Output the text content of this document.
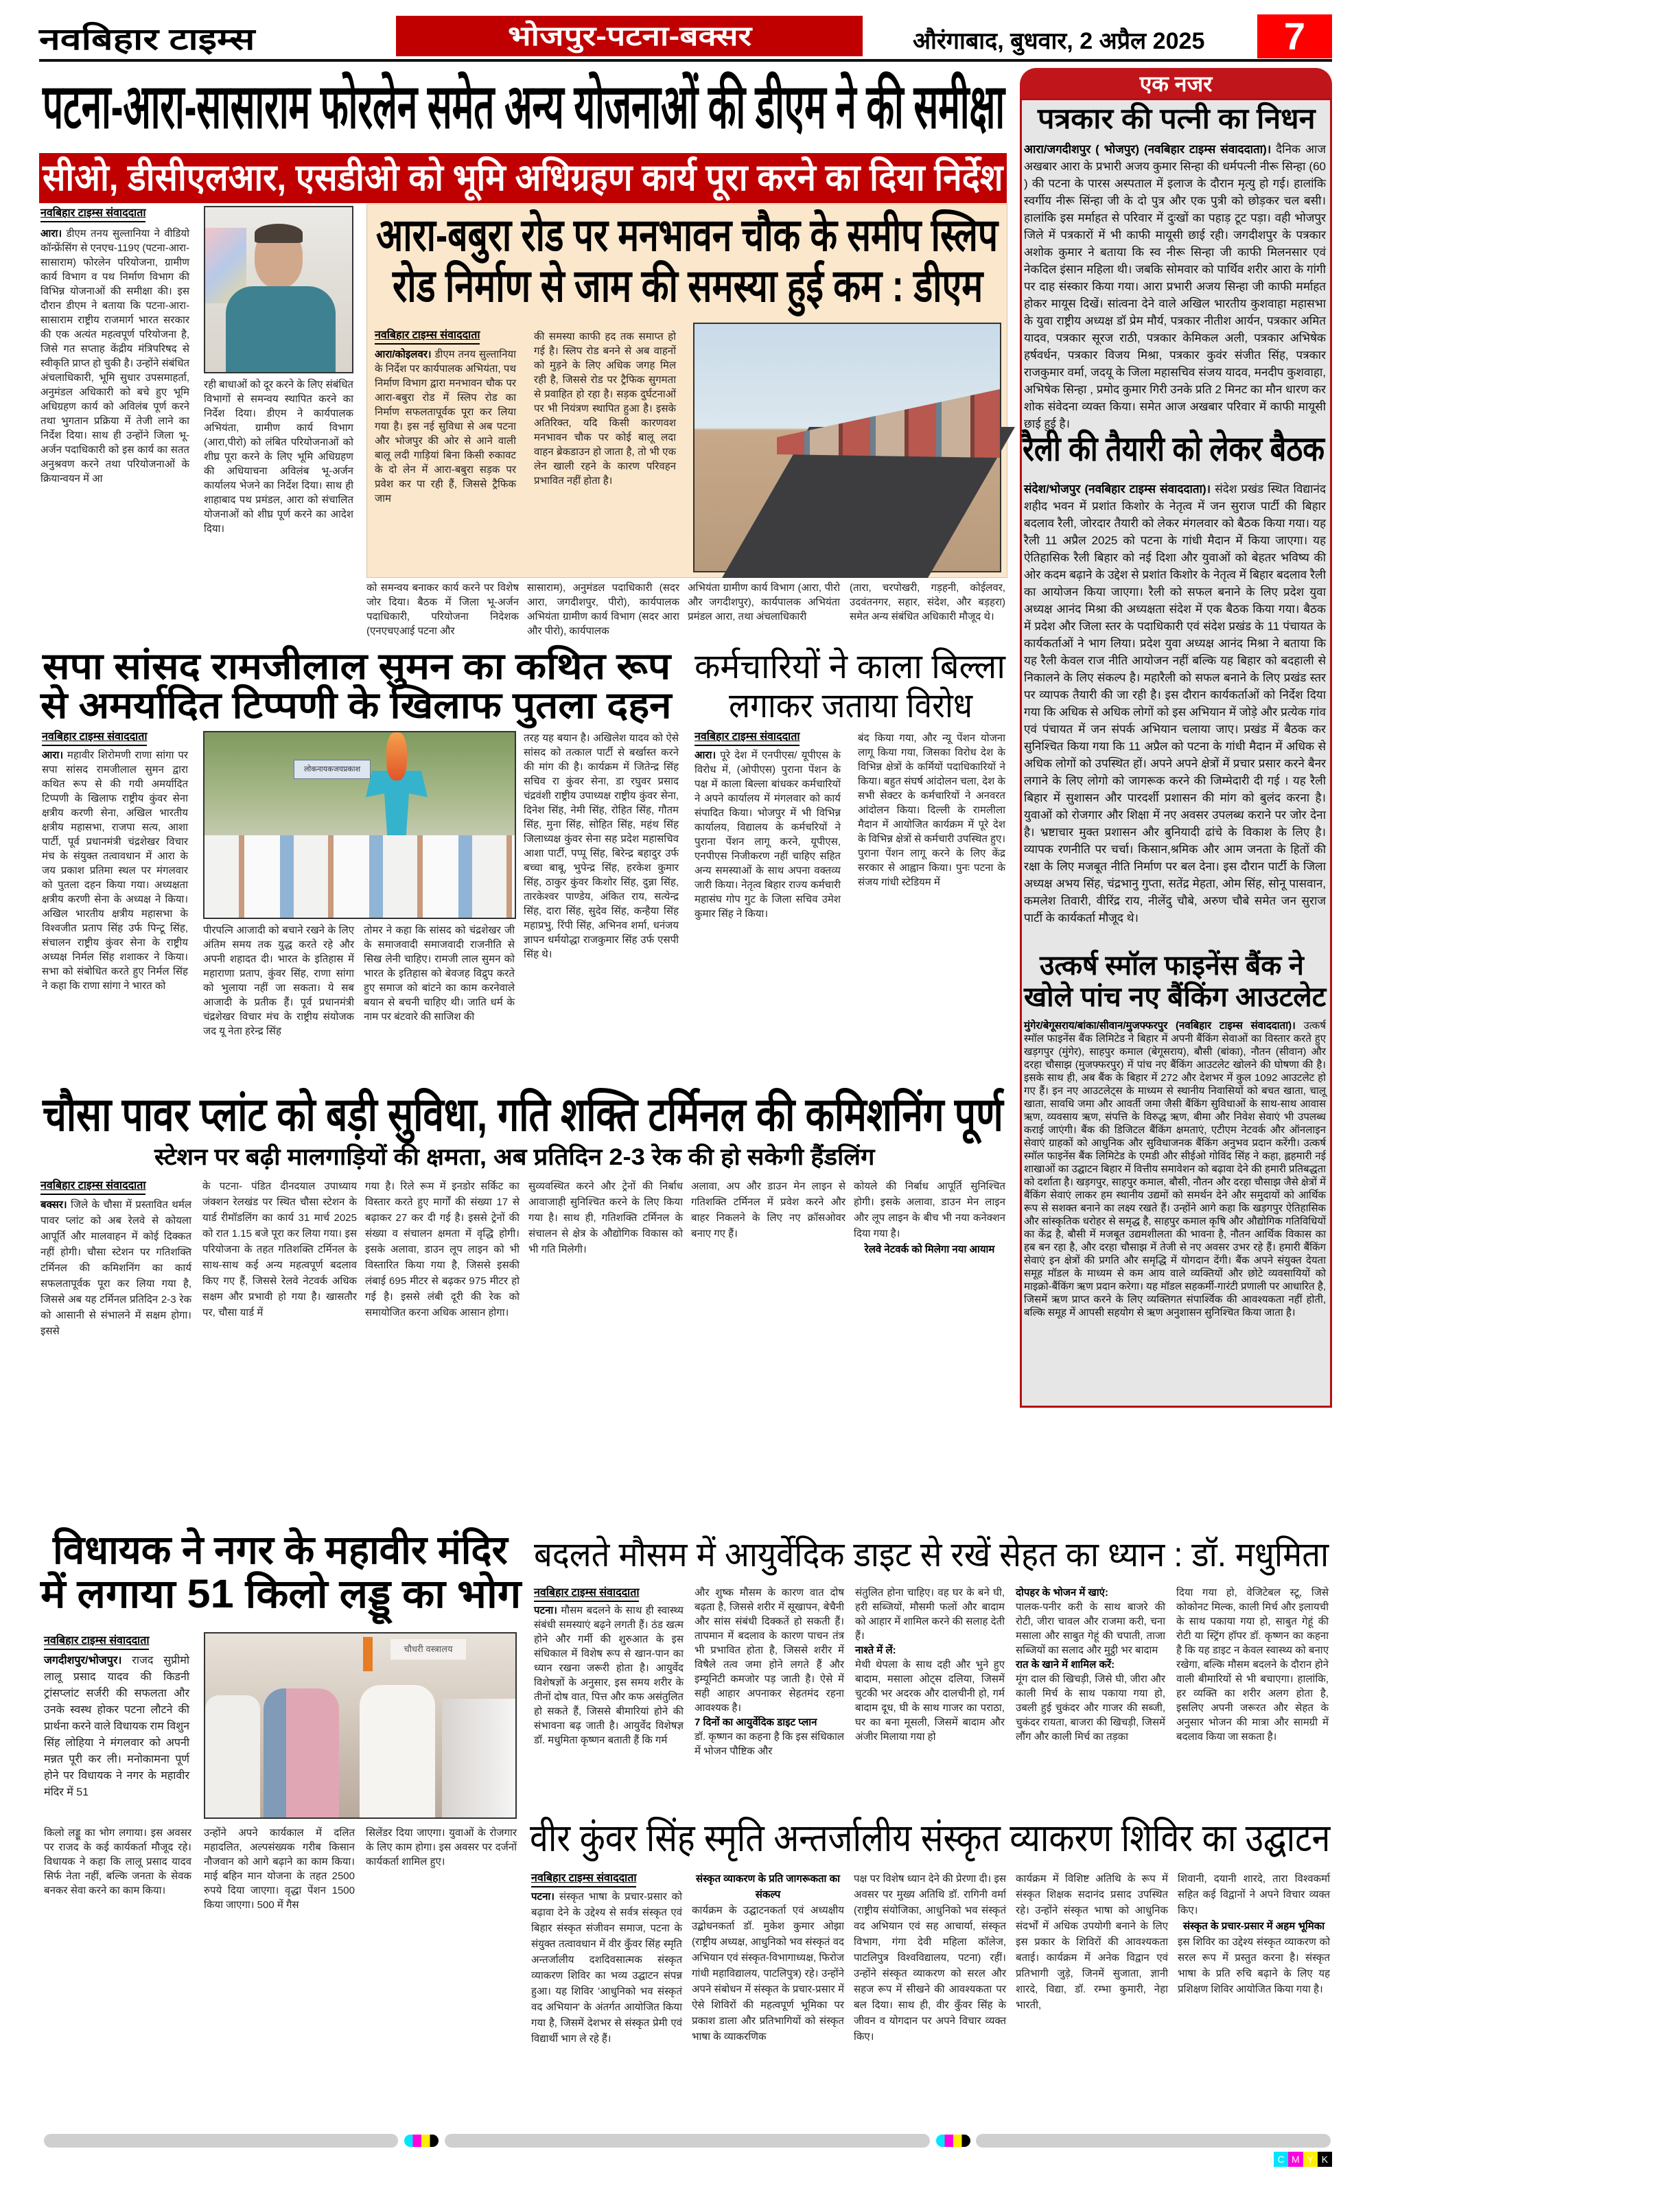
नवबिहार टाइम्स	भोजपुर-पटना-बक्सर	औरंगाबाद, बुधवार, 2 अप्रैल 2025	7
पटना-आरा-सासाराम फोरलेन समेत अन्य योजनाओं की डीएम ने की समीक्षा
सीओ, डीसीएलआर, एसडीओ को भूमि अधिग्रहण कार्य पूरा करने का दिया निर्देश
नवबिहार टाइम्स संवाददाता

आरा। डीएम तनय सुल्तानिया ने वीडियो कॉन्फ्रेंसिंग से एनएच-119ए (पटना-आरा-सासाराम) फोरलेन परियोजना, ग्रामीण कार्य विभाग व पथ निर्माण विभाग की विभिन्न योजनाओं की समीक्षा की। इस दौरान डीएम ने बताया कि पटना-आरा-सासाराम राष्ट्रीय राजमार्ग भारत सरकार की एक अत्यंत महत्वपूर्ण परियोजना है, जिसे गत सप्ताह केंद्रीय मंत्रिपरिषद से स्वीकृति प्राप्त हो चुकी है। उन्होंने संबंधित अंचलाधिकारी, भूमि सुधार उपसमाहर्ता, अनुमंडल अधिकारी को बचे हुए भूमि अधिग्रहण कार्य को अविलंब पूर्ण करने तथा भुगतान प्रक्रिया में तेजी लाने का निर्देश दिया। साथ ही उन्होंने जिला भू-अर्जन पदाधिकारी को इस कार्य का सतत अनुश्रवण करने तथा परियोजनाओं के क्रियान्वयन में आ

रही बाधाओं को दूर करने के लिए संबंधित विभागों से समन्वय स्थापित करने का निर्देश दिया। डीएम ने कार्यपालक अभियंता, ग्रामीण कार्य विभाग (आरा,पीरो) को लंबित परियोजनाओं को शीघ्र पूरा करने के लिए भूमि अधिग्रहण की अधियाचना अविलंब भू-अर्जन कार्यालय भेजने का निर्देश दिया। साथ ही शाहाबाद पथ प्रमंडल, आरा को संचालित योजनाओं को शीघ्र पूर्ण करने का आदेश दिया।

आरा-बबुरा रोड पर मनभावन चौक के समीप स्लिप
रोड निर्माण से जाम की समस्या हुई कम : डीएम
नवबिहार टाइम्स संवाददाता

आरा/कोइलवर। डीएम तनय सुल्तानिया के निर्देश पर कार्यपालक अभियंता, पथ निर्माण विभाग द्वारा मनभावन चौक पर आरा-बबुरा रोड में स्लिप रोड का निर्माण सफलतापूर्वक पूरा कर लिया गया है। इस नई सुविधा से अब पटना और भोजपुर की ओर से आने वाली बालू लदी गाड़ियां बिना किसी रुकावट के दो लेन में आरा-बबुरा सड़क पर प्रवेश कर पा रही हैं, जिससे ट्रैफिक जाम

की समस्या काफी हद तक समाप्त हो गई है। स्लिप रोड बनने से अब वाहनों को मुड़ने के लिए अधिक जगह मिल रही है, जिससे रोड पर ट्रैफिक सुगमता से प्रवाहित हो रहा है। सड़क दुर्घटनाओं पर भी नियंत्रण स्थापित हुआ है। इसके अतिरिक्त, यदि किसी कारणवश मनभावन चौक पर कोई बालू लदा वाहन ब्रेकडाउन हो जाता है, तो भी एक लेन खाली रहने के कारण परिवहन प्रभावित नहीं होता है।

को समन्वय बनाकर कार्य करने पर विशेष जोर दिया। बैठक में जिला भू-अर्जन पदाधिकारी, परियोजना निदेशक (एनएचएआई पटना और

सासाराम), अनुमंडल पदाधिकारी (सदर आरा, जगदीशपुर, पीरो), कार्यपालक अभियंता ग्रामीण कार्य विभाग (सदर आरा और पीरो), कार्यपालक

अभियंता ग्रामीण कार्य विभाग (आरा, पीरो और जगदीशपुर), कार्यपालक अभियंता प्रमंडल आरा, तथा अंचलाधिकारी

(तारा, चरपोखरी, गड़हनी, कोईलवर, उदवंतनगर, सहार, संदेश, और बड़हरा) समेत अन्य संबंधित अधिकारी मौजूद थे।

सपा सांसद रामजीलाल सुमन का कथित रूप
से अमर्यादित टिप्पणी के खिलाफ पुतला दहन
नवबिहार टाइम्स संवाददाता

आरा। महावीर शिरोमणी राणा सांगा पर सपा सांसद रामजीलाल सुमन द्वारा कथित रूप से की गयी अमर्यादित टिप्पणी के खिलाफ राष्ट्रीय कुंवर सेना क्षत्रीय करणी सेना, अखिल भारतीय क्षत्रीय महासभा, राजपा सत्य, आशा पार्टी, पूर्व प्रधानमंत्री चंद्रशेखर विचार मंच के संयुक्त तत्वावधान में आरा के जय प्रकाश प्रतिमा स्थल पर मंगलवार को पुतला दहन किया गया। अध्यक्षता क्षत्रीय करणी सेना के अध्यक्ष ने किया। अखिल भारतीय क्षत्रीय महासभा के विश्वजीत प्रताप सिंह उर्फ पिन्टू सिंह, संचालन राष्ट्रीय कुंवर सेना के राष्ट्रीय अध्यक्ष निर्मल सिंह शशाकर ने किया। सभा को संबोधित करते हुए निर्मल सिंह ने कहा कि राणा सांगा ने भारत को

लोकनायकजयप्रकाश

पीरपत्नि आजादी को बचाने रखने के लिए अंतिम समय तक युद्ध करते रहे और अपनी शहादत दी। भारत के इतिहास में महाराणा प्रताप, कुंवर सिंह, राणा सांगा को भुलाया नहीं जा सकता। ये सब आजादी के प्रतीक हैं। पूर्व प्रधानमंत्री चंद्रशेखर विचार मंच के राष्ट्रीय संयोजक जद यू नेता हरेन्द्र सिंह

तोमर ने कहा कि सांसद को चंद्रशेखर जी के समाजवादी समाजवादी राजनीति से सिख लेनी चाहिए। रामजी लाल सुमन को भारत के इतिहास को बेवजह विद्रुप करते हुए समाज को बांटने का काम करनेवाले बयान से बचनी चाहिए थी। जाति धर्म के नाम पर बंटवारे की साजिश की

तरह यह बयान है। अखिलेश यादव को ऐसे सांसद को तत्काल पार्टी से बर्खास्त करने की मांग की है। कार्यक्रम में जितेन्द्र सिंह सचिव रा कुंवर सेना, डा रघुवर प्रसाद चंद्रवंशी राष्ट्रीय उपाध्यक्ष राष्ट्रीय कुंवर सेना, दिनेश सिंह, नेमी सिंह, रोहित सिंह, गौतम सिंह, मुना सिंह, सोहित सिंह, महंथ सिंह जिलाध्यक्ष कुंवर सेना सह प्रदेश महासचिव आशा पार्टी, पप्पू सिंह, बिरेन्द्र बहादुर उर्फ बच्चा बाबू, भुपेन्द्र सिंह, हरकेश कुमार सिंह, ठाकुर कुंवर किशोर सिंह, दुन्ना सिंह, तारकेश्वर पाण्डेय, अंकित राय, सत्येन्द्र सिंह, दारा सिंह, सुदेव सिंह, कन्हैया सिंह महाप्रभु, रिंपी सिंह, अभिनव शर्मा, धनंजय ज्ञापन धर्मयोद्धा राजकुमार सिंह उर्फ एसपी सिंह थे।

कर्मचारियों ने काला बिल्ला
लगाकर जताया विरोध
नवबिहार टाइम्स संवाददाता

आरा। पूरे देश में एनपीएस/ यूपीएस के विरोध में, (ओपीएस) पुराना पेंशन के पक्ष में काला बिल्ला बांधकर कर्मचारियों ने अपने कार्यालय में मंगलवार को कार्य संपादित किया। भोजपुर में भी विभिन्न कार्यालय, विद्यालय के कर्मचरियों ने पुराना पेंशन लागू करने, यूपीएस, एनपीएस निजीकरण नहीं चाहिए सहित अन्य समस्याओं के साथ अपना वक्तव्य जारी किया। नेतृत्व बिहार राज्य कर्मचारी महासंघ गोप गुट के जिला सचिव उमेश कुमार सिंह ने किया।

बंद किया गया, और न्यू पेंशन योजना लागू किया गया, जिसका विरोध देश के विभिन्न क्षेत्रों के कर्मियों पदाधिकारियों ने किया। बहुत संघर्ष आंदोलन चला, देश के सभी सेक्टर के कर्मचारियों ने अनवरत आंदोलन किया। दिल्ली के रामलीला मैदान में आयोजित कार्यक्रम में पूरे देश के विभिन्न क्षेत्रों से कर्मचारी उपस्थित हुए। पुराना पेंशन लागू करने के लिए केंद्र सरकार से आह्वान किया। पुनः पटना के संजय गांधी स्टेडियम में

चौसा पावर प्लांट को बड़ी सुविधा, गति शक्ति टर्मिनल की कमिशनिंग पूर्ण
स्टेशन पर बढ़ी मालगाड़ियों की क्षमता, अब प्रतिदिन 2-3 रेक की हो सकेगी हैंडलिंग
नवबिहार टाइम्स संवाददाता

बक्सर। जिले के चौसा में प्रस्तावित थर्मल पावर प्लांट को अब रेलवे से कोयला आपूर्ति और मालवाहन में कोई दिक्कत नहीं होगी। चौसा स्टेशन पर गतिशक्ति टर्मिनल की कमिशनिंग का कार्य सफलतापूर्वक पूरा कर लिया गया है, जिससे अब यह टर्मिनल प्रतिदिन 2-3 रेक को आसानी से संभालने में सक्षम होगा। इससे

के पटना- पंडित दीनदयाल उपाध्याय जंक्शन रेलखंड पर स्थित चौसा स्टेशन के यार्ड रीमॉडलिंग का कार्य 31 मार्च 2025 को रात 1.15 बजे पूरा कर लिया गया। इस परियोजना के तहत गतिशक्ति टर्मिनल के साथ-साथ कई अन्य महत्वपूर्ण बदलाव किए गए हैं, जिससे रेलवे नेटवर्क अधिक सक्षम और प्रभावी हो गया है। खासतौर पर, चौसा यार्ड में

गया है। रिले रूम में इनडोर सर्किट का विस्तार करते हुए मार्गों की संख्या 17 से बढ़ाकर 27 कर दी गई है। इससे ट्रेनों की संख्या व संचालन क्षमता में वृद्धि होगी। इसके अलावा, डाउन लूप लाइन को भी विस्तारित किया गया है, जिससे इसकी लंबाई 695 मीटर से बढ़कर 975 मीटर हो गई है। इससे लंबी दूरी की रेक को समायोजित करना अधिक आसान होगा।

सुव्यवस्थित करने और ट्रेनों की निर्बाध आवाजाही सुनिश्चित करने के लिए किया गया है। साथ ही, गतिशक्ति टर्मिनल के संचालन से क्षेत्र के औद्योगिक विकास को भी गति मिलेगी।

अलावा, अप और डाउन मेन लाइन से गतिशक्ति टर्मिनल में प्रवेश करने और बाहर निकलने के लिए नए क्रॉसओवर बनाए गए हैं।

कोयले की निर्बाध आपूर्ति सुनिश्चित होगी। इसके अलावा, डाउन मेन लाइन और लूप लाइन के बीच भी नया कनेक्शन दिया गया है।

रेलवे नेटवर्क को मिलेगा नया आयाम

एक नजर
पत्रकार की पत्नी का निधन
आरा/जगदीशपुर ( भोजपुर) (नवबिहार टाइम्स संवाददाता)। दैनिक आज अखबार आरा के प्रभारी अजय कुमार सिन्हा की धर्मपत्नी नीरू सिन्हा (60 ) की पटना के पारस अस्पताल में इलाज के दौरान मृत्यु हो गई। हालांकि स्वर्गीय नीरू सिंन्हा जी के दो पुत्र और एक पुत्री को छोड़कर चल बसी। हालांकि इस मर्माहत से परिवार में दुःखों का पहाड़ टूट पड़ा। वही भोजपुर जिले में पत्रकारों में भी काफी मायूसी छाई रही। जगदीशपुर के पत्रकार अशोक कुमार ने बताया कि स्व नीरू सिन्हा जी काफी मिलनसार एवं नेकदिल इंसान महिला थी। जबकि सोमवार को पार्थिव शरीर आरा के गांगी पर दाह संस्कार किया गया। आरा प्रभारी अजय सिन्हा जी काफी मर्माहत होकर मायूस दिखें। सांत्वना देने वाले अखिल भारतीय कुशवाहा महासभा के युवा राष्ट्रीय अध्यक्ष डॉ प्रेम मौर्य, पत्रकार नीतीश आर्यन, पत्रकार अमित यादव, पत्रकार सूरज राठी, पत्रकार केमिकल अली, पत्रकार अभिषेक हर्षवर्धन, पत्रकार विजय मिश्रा, पत्रकार कुवंर संजीत सिंह, पत्रकार राजकुमार वर्मा, जदयू के जिला महासचिव संजय यादव, मनदीप कुशवाहा, अभिषेक सिन्हा , प्रमोद कुमार गिरी उनके प्रति 2 मिनट का मौन धारण कर शोक संवेदना व्यक्त किया। समेत आज अखबार परिवार में काफी मायूसी छाई हुई है।
रैली की तैयारी को लेकर बैठक
संदेश/भोजपुर (नवबिहार टाइम्स संवाददाता)। संदेश प्रखंड स्थित विद्यानंद शहीद भवन में प्रशांत किशोर के नेतृत्व में जन सुराज पार्टी की बिहार बदलाव रैली, जोरदार तैयारी को लेकर मंगलवार को बैठक किया गया। यह रैली 11 अप्रैल 2025 को पटना के गांधी मैदान में किया जाएगा। यह ऐतिहासिक रैली बिहार को नई दिशा और युवाओं को बेहतर भविष्य की ओर कदम बढ़ाने के उद्देश से प्रशांत किशोर के नेतृत्व में बिहार बदलाव रैली का आयोजन किया जाएगा। रैली को सफल बनाने के लिए प्रदेश युवा अध्यक्ष आनंद मिश्रा की अध्यक्षता संदेश में एक बैठक किया गया। बैठक में प्रदेश और जिला स्तर के पदाधिकारी एवं संदेश प्रखंड के 11 पंचायत के कार्यकर्ताओं ने भाग लिया। प्रदेश युवा अध्यक्ष आनंद मिश्रा ने बताया कि यह रैली केवल राज नीति आयोजन नहीं बल्कि यह बिहार को बदहाली से निकालने के लिए संकल्प है। महारैली को सफल बनाने के लिए प्रखंड स्तर पर व्यापक तैयारी की जा रही है। इस दौरान कार्यकर्ताओं को निर्देश दिया गया कि अधिक से अधिक लोगों को इस अभियान में जोड़े और प्रत्येक गांव एवं पंचायत में जन संपर्क अभियान चलाया जाए। प्रखंड में बैठक कर सुनिश्चित किया गया कि 11 अप्रैल को पटना के गांधी मैदान में अधिक से अधिक लोगों को उपस्थित हों। अपने अपने क्षेत्रों में प्रचार प्रसार करने बैनर लगाने के लिए लोगो को जागरूक करने की जिम्मेदारी दी गई । यह रैली बिहार में सुशासन और पारदर्शी प्रशासन की मांग को बुलंद करना है। युवाओं को रोजगार और शिक्षा में नए अवसर उपलब्ध कराने पर जोर देना है। भ्रष्टाचार मुक्त प्रशासन और बुनियादी ढांचे के विकाश के लिए है। व्यापक रणनीति पर चर्चा। किसान,श्रमिक और आम जनता के हितों की रक्षा के लिए मजबूत नीति निर्माण पर बल देना। इस दौरान पार्टी के जिला अध्यक्ष अभय सिंह, चंद्रभानु गुप्ता, सतेंद्र मेहता, ओम सिंह, सोनू पासवान, कमलेश तिवारी, वीरिंद्र राय, नीलेंदु चौबे, अरुण चौबे समेत जन सुराज पार्टी के कार्यकर्ता मौजूद थे।
उत्कर्ष स्मॉल फाइनेंस बैंक ने
खोले पांच नए बैंकिंग आउटलेट
मुंगेर/बेगूसराय/बांका/सीवान/मुजफ्फरपुर (नवबिहार टाइम्स संवाददाता)। उत्कर्ष स्मॉल फाइनेंस बैंक लिमिटेड ने बिहार में अपनी बैंकिंग सेवाओं का विस्तार करते हुए खड़गपुर (मुंगेर), साहपुर कमाल (बेगूसराय), बौसी (बांका), नौतन (सीवान) और दरहा चौसाझ (मुजफ्फरपुर) में पांच नए बैंकिंग आउटलेट खोलने की घोषणा की है। इसके साथ ही, अब बैंक के बिहार में 272 और देशभर में कुल 1092 आउटलेट हो गए हैं। इन नए आउटलेट्स के माध्यम से स्थानीय निवासियों को बचत खाता, चालू खाता, सावधि जमा और आवर्ती जमा जैसी बैंकिंग सुविधाओं के साथ-साथ आवास ऋण, व्यवसाय ऋण, संपत्ति के विरुद्ध ऋण, बीमा और निवेश सेवाएं भी उपलब्ध कराई जाएंगी। बैंक की डिजिटल बैंकिंग क्षमताएं, एटीएम नेटवर्क और ऑनलाइन सेवाएं ग्राहकों को आधुनिक और सुविधाजनक बैंकिंग अनुभव प्रदान करेंगी। उत्कर्ष स्मॉल फाइनेंस बैंक लिमिटेड के एमडी और सीईओ गोविंद सिंह ने कहा, ह्लहमारी नई शाखाओं का उद्घाटन बिहार में वित्तीय समावेशन को बढ़ावा देने की हमारी प्रतिबद्धता को दर्शाता है। खड़गपुर, साहपुर कमाल, बौसी, नौतन और दरहा चौसाझ जैसे क्षेत्रों में बैंकिंग सेवाएं लाकर हम स्थानीय उद्यमों को समर्थन देने और समुदायों को आर्थिक रूप से सशक्त बनाने का लक्ष्य रखते हैं। उन्होंने आगे कहा कि खड़गपुर ऐतिहासिक और सांस्कृतिक धरोहर से समृद्ध है, साहपुर कमाल कृषि और औद्योगिक गतिविधियों का केंद्र है, बौसी में मजबूत उद्यमशीलता की भावना है, नौतन आर्थिक विकास का हब बन रहा है, और दरहा चौसाझ में तेजी से नए अवसर उभर रहे हैं। हमारी बैंकिंग सेवाएं इन क्षेत्रों की प्रगति और समृद्धि में योगदान देंगी। बैंक अपने संयुक्त देयता समूह मॉडल के माध्यम से कम आय वाले व्यक्तियों और छोटे व्यवसायियों को माइक्रो-बैंकिंग ऋण प्रदान करेगा। यह मॉडल सहकर्मी-गारंटी प्रणाली पर आधारित है, जिसमें ऋण प्राप्त करने के लिए व्यक्तिगत संपार्श्विक की आवश्यकता नहीं होती, बल्कि समूह में आपसी सहयोग से ऋण अनुशासन सुनिश्चित किया जाता है।
विधायक ने नगर के महावीर मंदिर
में लगाया 51 किलो लड्डू का भोग
नवबिहार टाइम्स संवाददाता

जगदीशपुर/भोजपुर। राजद सुप्रीमो लालू प्रसाद यादव की किडनी ट्रांसप्लांट सर्जरी की सफलता और उनके स्वस्थ होकर पटना लौटने की प्रार्थना करने वाले विधायक राम विशुन सिंह लोहिया ने मंगलवार को अपनी मन्नत पूरी कर ली। मनोकामना पूर्ण होने पर विधायक ने नगर के महावीर मंदिर में 51

चौधरी वस्त्रालय

किलो लड्डू का भोग लगाया। इस अवसर पर राजद के कई कार्यकर्ता मौजूद रहे। विधायक ने कहा कि लालू प्रसाद यादव सिर्फ नेता नहीं, बल्कि जनता के सेवक बनकर सेवा करने का काम किया।

उन्होंने अपने कार्यकाल में दलित महादलित, अल्पसंख्यक गरीब किसान नौजवान को आगे बढ़ाने का काम किया। माई बहिन मान योजना के तहत 2500 रुपये दिया जाएगा। वृद्धा पेंशन 1500 किया जाएगा। 500 में गैस

सिलेंडर दिया जाएगा। युवाओं के रोजगार के लिए काम होगा। इस अवसर पर दर्जनों कार्यकर्ता शामिल हुए।

बदलते मौसम में आयुर्वेदिक डाइट से रखें सेहत का ध्यान : डॉ. मधुमिता
नवबिहार टाइम्स संवाददाता

पटना। मौसम बदलने के साथ ही स्वास्थ्य संबंधी समस्याएं बढ़ने लगती हैं। ठंड खत्म होने और गर्मी की शुरुआत के इस संधिकाल में विशेष रूप से खान-पान का ध्यान रखना जरूरी होता है। आयुर्वेद विशेषज्ञों के अनुसार, इस समय शरीर के तीनों दोष वात, पित्त और कफ असंतुलित हो सकते हैं, जिससे बीमारियां होने की संभावना बढ़ जाती है। आयुर्वेद विशेषज्ञ डॉ. मधुमिता कृष्णन बताती हैं कि गर्म

और शुष्क मौसम के कारण वात दोष बढ़ता है, जिससे शरीर में सूखापन, बेचैनी और सांस संबंधी दिक्कतें हो सकती हैं। तापमान में बदलाव के कारण पाचन तंत्र भी प्रभावित होता है, जिससे शरीर में विषैले तत्व जमा होने लगते हैं और इम्यूनिटी कमजोर पड़ जाती है। ऐसे में सही आहार अपनाकर सेहतमंद रहना आवश्यक है।

7 दिनों का आयुर्वेदिक डाइट प्लान

डॉ. कृष्णन का कहना है कि इस संधिकाल में भोजन पौष्टिक और

संतुलित होना चाहिए। वह घर के बने घी, हरी सब्जियों, मौसमी फलों और बादाम को आहार में शामिल करने की सलाह देती हैं।

नाश्ते में लें:

मेथी थेपला के साथ दही और भुने हुए बादाम, मसाला ओट्स दलिया, जिसमें चुटकी भर अदरक और दालचीनी हो, गर्म बादाम दूध, घी के साथ गाजर का पराठा, घर का बना मूसली, जिसमें बादाम और अंजीर मिलाया गया हो

दोपहर के भोजन में खाएं:

पालक-पनीर करी के साथ बाजरे की रोटी, जीरा चावल और राजमा करी, चना मसाला और साबुत गेहूं की चपाती, ताजा सब्जियों का सलाद और मुट्ठी भर बादाम

रात के खाने में शामिल करें:

मूंग दाल की खिचड़ी, जिसे घी, जीरा और काली मिर्च के साथ पकाया गया हो, उबली हुई चुकंदर और गाजर की सब्जी, चुकंदर रायता, बाजरा की खिचड़ी, जिसमें लौंग और काली मिर्च का तड़का

दिया गया हो, वेजिटेबल स्टू, जिसे कोकोनट मिल्क, काली मिर्च और इलायची के साथ पकाया गया हो, साबुत गेहूं की रोटी या स्ट्रिंग हॉपर डॉ. कृष्णन का कहना है कि यह डाइट न केवल स्वास्थ्य को बनाए रखेगा, बल्कि मौसम बदलने के दौरान होने वाली बीमारियों से भी बचाएगा। हालांकि, हर व्यक्ति का शरीर अलग होता है, इसलिए अपनी जरूरत और सेहत के अनुसार भोजन की मात्रा और सामग्री में बदलाव किया जा सकता है।

वीर कुंवर सिंह स्मृति अन्तर्जालीय संस्कृत व्याकरण शिविर का उद्घाटन
नवबिहार टाइम्स संवाददाता

पटना। संस्कृत भाषा के प्रचार-प्रसार को बढ़ावा देने के उद्देश्य से सर्वत्र संस्कृत एवं बिहार संस्कृत संजीवन समाज, पटना के संयुक्त तत्वावधान में वीर कुँवर सिंह स्मृति अन्तर्जालीय दशदिवसात्मक संस्कृत व्याकरण शिविर का भव्य उद्घाटन संपन्न हुआ। यह शिविर 'आधुनिको भव संस्कृतं वद अभियान' के अंतर्गत आयोजित किया गया है, जिसमें देशभर से संस्कृत प्रेमी एवं विद्यार्थी भाग ले रहे हैं।

संस्कृत व्याकरण के प्रति जागरूकता का संकल्प

कार्यक्रम के उद्घाटनकर्ता एवं अध्यक्षीय उद्बोधनकर्ता डॉ. मुकेश कुमार ओझा (राष्ट्रीय अध्यक्ष, आधुनिको भव संस्कृतं वद अभियान एवं संस्कृत-विभागाध्यक्ष, फिरोज गांधी महाविद्यालय, पाटलिपुत्र) रहे। उन्होंने अपने संबोधन में संस्कृत के प्रचार-प्रसार में ऐसे शिविरों की महत्वपूर्ण भूमिका पर प्रकाश डाला और प्रतिभागियों को संस्कृत भाषा के व्याकरणिक

पक्ष पर विशेष ध्यान देने की प्रेरणा दी। इस अवसर पर मुख्य अतिथि डॉ. रागिनी वर्मा (राष्ट्रीय संयोजिका, आधुनिको भव संस्कृतं वद अभियान एवं सह आचार्या, संस्कृत विभाग, गंगा देवी महिला कॉलेज, पाटलिपुत्र विश्वविद्यालय, पटना) रहीं। उन्होंने संस्कृत व्याकरण को सरल और सहज रूप में सीखने की आवश्यकता पर बल दिया। साथ ही, वीर कुँवर सिंह के जीवन व योगदान पर अपने विचार व्यक्त किए।

कार्यक्रम में विशिष्ट अतिथि के रूप में संस्कृत शिक्षक सदानंद प्रसाद उपस्थित रहे। उन्होंने संस्कृत भाषा को आधुनिक संदर्भों में अधिक उपयोगी बनाने के लिए इस प्रकार के शिविरों की आवश्यकता बताई। कार्यक्रम में अनेक विद्वान एवं प्रतिभागी जुड़े, जिनमें सुजाता, ज्ञानी शारदे, विद्या, डॉ. रम्भा कुमारी, नेहा भारती,

शिवानी, दयानी शारदे, तारा विश्वकर्मा सहित कई विद्वानों ने अपने विचार व्यक्त किए।

संस्कृत के प्रचार-प्रसार में अहम भूमिका

इस शिविर का उद्देश्य संस्कृत व्याकरण को सरल रूप में प्रस्तुत करना है। संस्कृत भाषा के प्रति रुचि बढ़ाने के लिए यह प्रशिक्षण शिविर आयोजित किया गया है।

C M Y K
